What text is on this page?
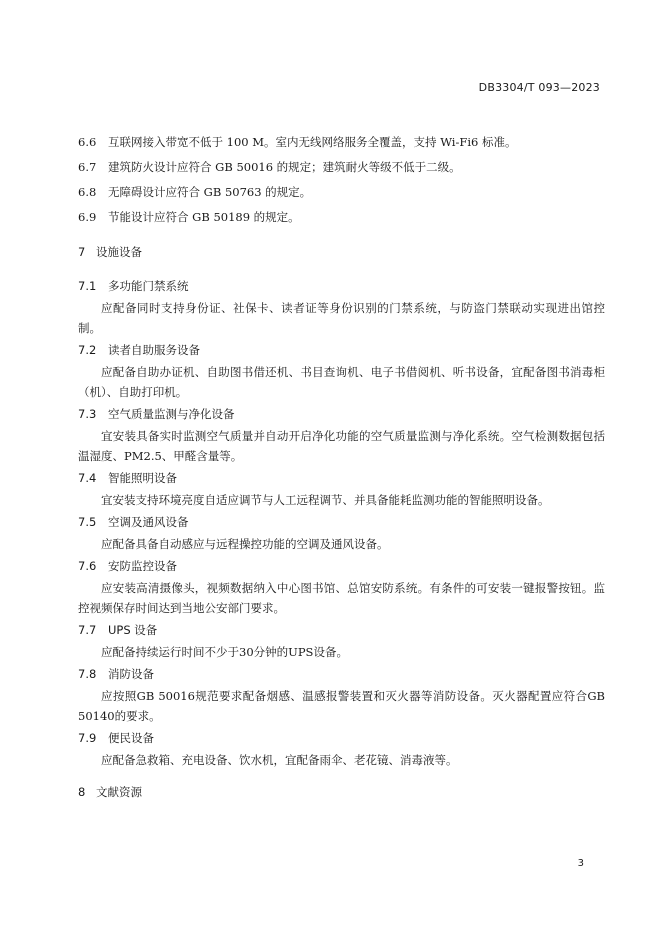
DB3304/T 093—2023

6.6 互联网接入带宽不低于 100 M。室内无线网络服务全覆盖，支持 Wi-Fi6 标准。

6.7 建筑防火设计应符合 GB 50016 的规定；建筑耐火等级不低于二级。

6.8 无障碍设计应符合 GB 50763 的规定。

6.9 节能设计应符合 GB 50189 的规定。

7 设施设备

7.1 多功能门禁系统

应配备同时支持身份证、社保卡、读者证等身份识别的门禁系统，与防盗门禁联动实现进出馆控制。

7.2 读者自助服务设备

应配备自助办证机、自助图书借还机、书目查询机、电子书借阅机、听书设备，宜配备图书消毒柜（机）、自助打印机。

7.3 空气质量监测与净化设备

宜安装具备实时监测空气质量并自动开启净化功能的空气质量监测与净化系统。空气检测数据包括温湿度、PM2.5、甲醛含量等。

7.4 智能照明设备

宜安装支持环境亮度自适应调节与人工远程调节、并具备能耗监测功能的智能照明设备。

7.5 空调及通风设备

应配备具备自动感应与远程操控功能的空调及通风设备。

7.6 安防监控设备

应安装高清摄像头，视频数据纳入中心图书馆、总馆安防系统。有条件的可安装一键报警按钮。监控视频保存时间达到当地公安部门要求。

7.7 UPS 设备

应配备持续运行时间不少于30分钟的UPS设备。

7.8 消防设备

应按照GB 50016规范要求配备烟感、温感报警装置和灭火器等消防设备。灭火器配置应符合GB 50140的要求。

7.9 便民设备

应配备急救箱、充电设备、饮水机，宜配备雨伞、老花镜、消毒液等。

8 文献资源

3
